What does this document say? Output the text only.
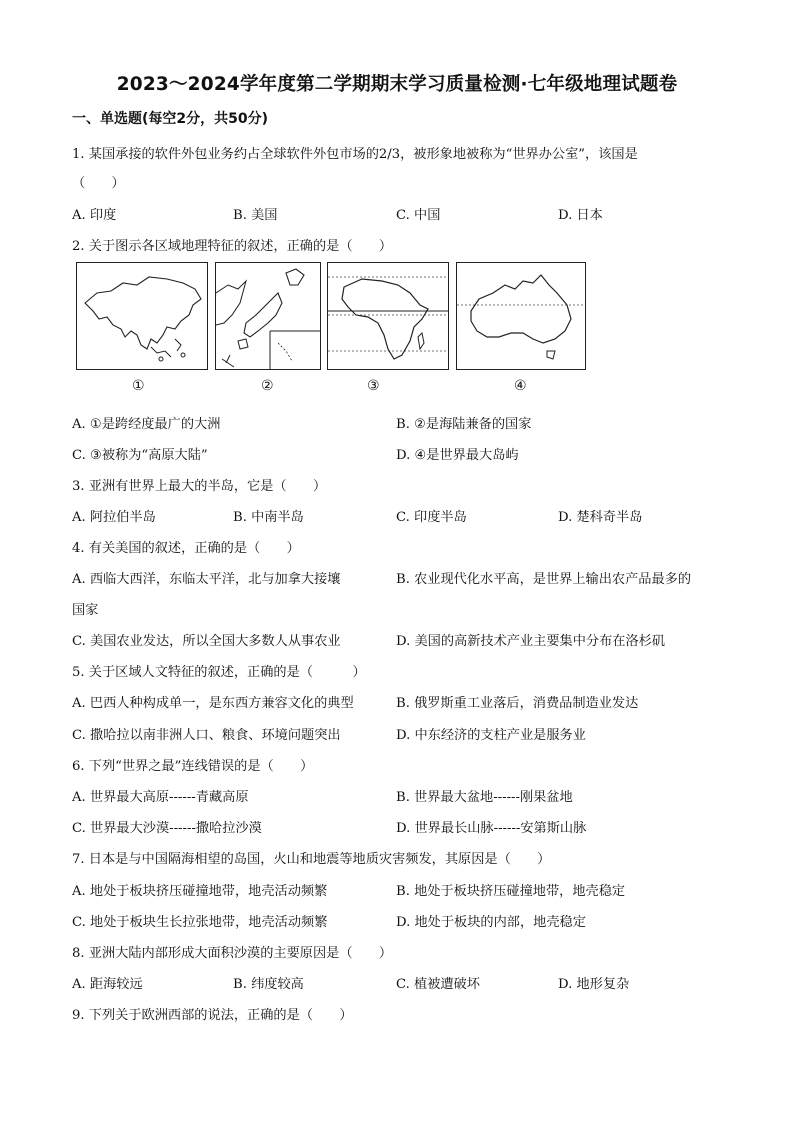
2023～2024学年度第二学期期末学习质量检测·七年级地理试题卷
一、单选题(每空2分，共50分)
1. 某国承接的软件外包业务约占全球软件外包市场的2/3，被形象地被称为“世界办公室”，该国是
（　　）
A. 印度	B. 美国	C. 中国	D. 日本
2. 关于图示各区域地理特征的叙述，正确的是（　　）
①	②	③	④
A. ①是跨经度最广的大洲	B. ②是海陆兼备的国家
C. ③被称为“高原大陆”	D. ④是世界最大岛屿
3. 亚洲有世界上最大的半岛，它是（　　）
A. 阿拉伯半岛	B. 中南半岛	C. 印度半岛	D. 楚科奇半岛
4. 有关美国的叙述，正确的是（　　）
A. 西临大西洋，东临太平洋，北与加拿大接壤	B. 农业现代化水平高，是世界上输出农产品最多的
国家
C. 美国农业发达，所以全国大多数人从事农业	D. 美国的高新技术产业主要集中分布在洛杉矶
5. 关于区域人文特征的叙述，正确的是（　　　）
A. 巴西人种构成单一，是东西方兼容文化的典型	B. 俄罗斯重工业落后，消费品制造业发达
C. 撒哈拉以南非洲人口、粮食、环境问题突出	D. 中东经济的支柱产业是服务业
6. 下列“世界之最”连线错误的是（　　）
A. 世界最大高原------青藏高原	B. 世界最大盆地------刚果盆地
C. 世界最大沙漠------撒哈拉沙漠	D. 世界最长山脉------安第斯山脉
7. 日本是与中国隔海相望的岛国，火山和地震等地质灾害频发，其原因是（　　）
A. 地处于板块挤压碰撞地带，地壳活动频繁	B. 地处于板块挤压碰撞地带，地壳稳定
C. 地处于板块生长拉张地带，地壳活动频繁	D. 地处于板块的内部，地壳稳定
8. 亚洲大陆内部形成大面积沙漠的主要原因是（　　）
A. 距海较远	B. 纬度较高	C. 植被遭破坏	D. 地形复杂
9. 下列关于欧洲西部的说法，正确的是（　　）
